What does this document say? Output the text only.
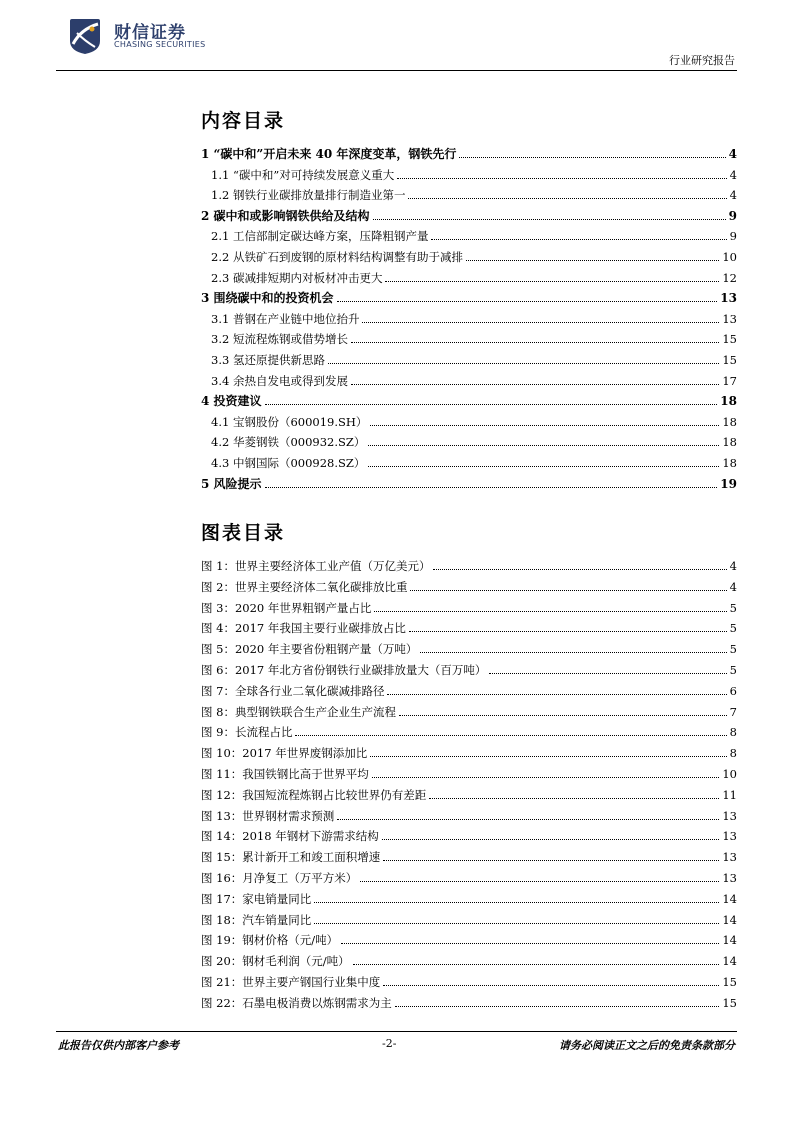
财信证券
CHASING SECURITIES
行业研究报告
内容目录
1 “碳中和”开启未来 40 年深度变革，钢铁先行	4
1.1 “碳中和”对可持续发展意义重大	4
1.2 钢铁行业碳排放量排行制造业第一	4
2 碳中和或影响钢铁供给及结构	9
2.1 工信部制定碳达峰方案，压降粗钢产量	9
2.2 从铁矿石到废钢的原材料结构调整有助于减排	10
2.3 碳减排短期内对板材冲击更大	12
3 围绕碳中和的投资机会	13
3.1 普钢在产业链中地位抬升	13
3.2 短流程炼钢或借势增长	15
3.3 氢还原提供新思路	15
3.4 余热自发电或得到发展	17
4 投资建议	18
4.1 宝钢股份（600019.SH）	18
4.2 华菱钢铁（000932.SZ）	18
4.3 中钢国际（000928.SZ）	18
5 风险提示	19
图表目录
图 1：世界主要经济体工业产值（万亿美元）	4
图 2：世界主要经济体二氧化碳排放比重	4
图 3：2020 年世界粗钢产量占比	5
图 4：2017 年我国主要行业碳排放占比	5
图 5：2020 年主要省份粗钢产量（万吨）	5
图 6：2017 年北方省份钢铁行业碳排放量大（百万吨）	5
图 7：全球各行业二氧化碳减排路径	6
图 8：典型钢铁联合生产企业生产流程	7
图 9：长流程占比	8
图 10：2017 年世界废钢添加比	8
图 11：我国铁钢比高于世界平均	10
图 12：我国短流程炼钢占比较世界仍有差距	11
图 13：世界钢材需求预测	13
图 14：2018 年钢材下游需求结构	13
图 15：累计新开工和竣工面积增速	13
图 16：月净复工（万平方米）	13
图 17：家电销量同比	14
图 18：汽车销量同比	14
图 19：钢材价格（元/吨）	14
图 20：钢材毛利润（元/吨）	14
图 21：世界主要产钢国行业集中度	15
图 22：石墨电极消费以炼钢需求为主	15
此报告仅供内部客户参考	-2-	请务必阅读正文之后的免责条款部分
